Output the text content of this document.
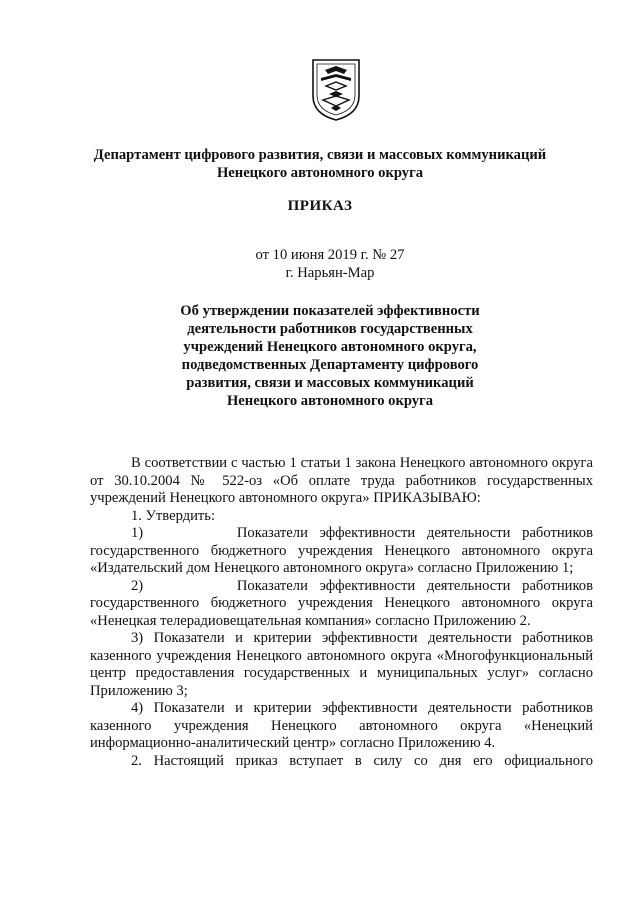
Департамент цифрового развития, связи и массовых коммуникаций
Ненецкого автономного округа
ПРИКАЗ
от 10 июня 2019 г. № 27
г. Нарьян-Мар
Об утверждении показателей эффективности
деятельности работников государственных
учреждений Ненецкого автономного округа,
подведомственных Департаменту цифрового
развития, связи и массовых коммуникаций
Ненецкого автономного округа

В соответствии с частью 1 статьи 1 закона Ненецкого автономного округа от 30.10.2004 № 522-оз «Об оплате труда работников государственных учреждений Ненецкого автономного округа» ПРИКАЗЫВАЮ:

1. Утвердить:

1)        Показатели эффективности деятельности работников государственного бюджетного учреждения Ненецкого автономного округа «Издательский дом Ненецкого автономного округа» согласно Приложению 1;

2)        Показатели эффективности деятельности работников государственного бюджетного учреждения Ненецкого автономного округа «Ненецкая телерадиовещательная компания» согласно Приложению 2.

3) Показатели и критерии эффективности деятельности работников казенного учреждения Ненецкого автономного округа «Многофункциональный центр предоставления государственных и муниципальных услуг» согласно Приложению 3;

4) Показатели и критерии эффективности деятельности работников казенного учреждения Ненецкого автономного округа «Ненецкий информационно-аналитический центр» согласно Приложению 4.

2. Настоящий приказ вступает в силу со дня его официального
